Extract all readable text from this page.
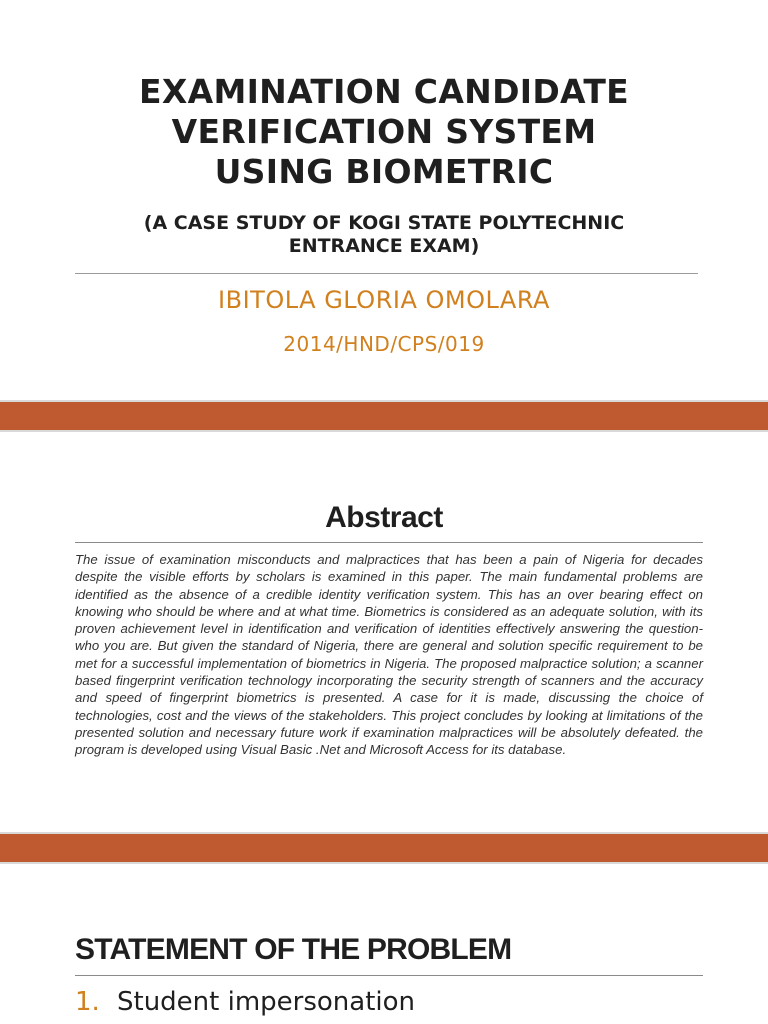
EXAMINATION CANDIDATE
VERIFICATION SYSTEM
USING BIOMETRIC

(A CASE STUDY OF KOGI STATE POLYTECHNIC
ENTRANCE EXAM)

IBITOLA GLORIA OMOLARA

2014/HND/CPS/019

Abstract

The issue of examination misconducts and malpractices that has been a pain of Nigeria for decades despite the visible efforts by scholars is examined in this paper. The main fundamental problems are identified as the absence of a credible identity verification system. This has an over bearing effect on knowing who should be where and at what time. Biometrics is considered as an adequate solution, with its proven achievement level in identification and verification of identities effectively answering the question- who you are. But given the standard of Nigeria, there are general and solution specific requirement to be met for a successful implementation of biometrics in Nigeria. The proposed malpractice solution; a scanner based fingerprint verification technology incorporating the security strength of scanners and the accuracy and speed of fingerprint biometrics is presented. A case for it is made, discussing the choice of technologies, cost and the views of the stakeholders. This project concludes by looking at limitations of the presented solution and necessary future work if examination malpractices will be absolutely defeated. the program is developed using Visual Basic .Net and Microsoft Access for its database.

STATEMENT OF THE PROBLEM
1. Student impersonation
